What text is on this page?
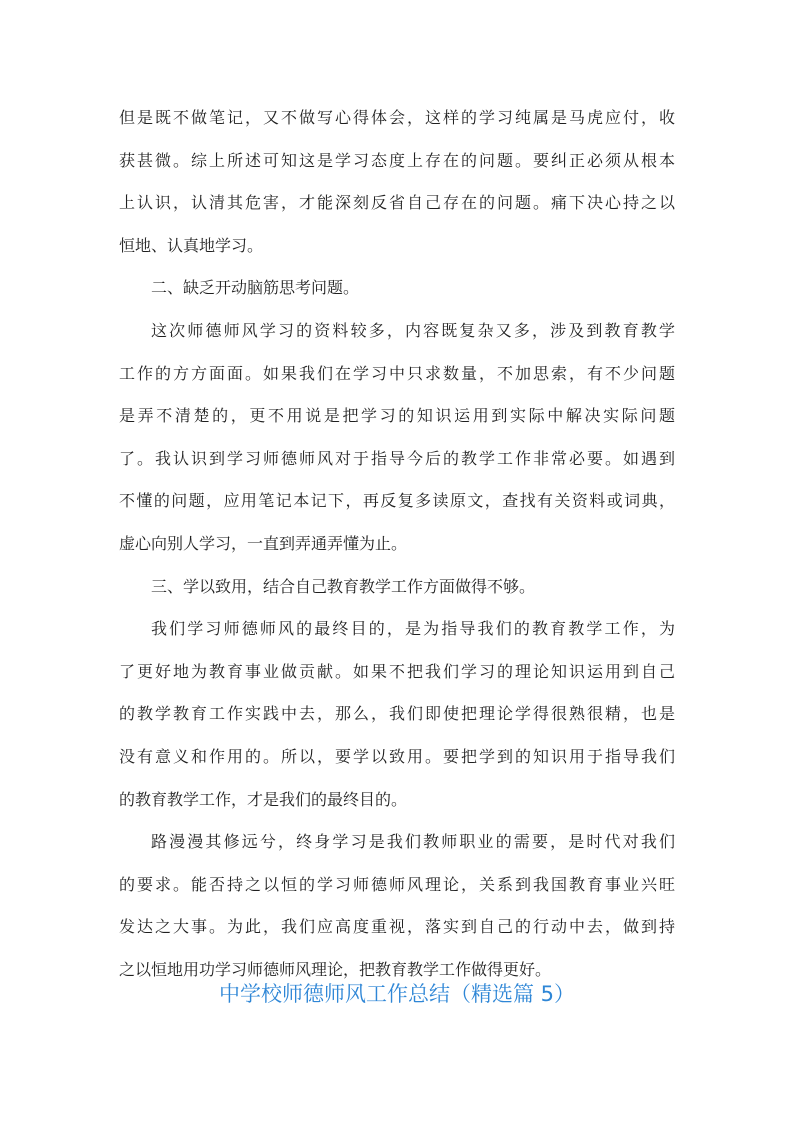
但是既不做笔记，又不做写心得体会，这样的学习纯属是马虎应付，收
获甚微。综上所述可知这是学习态度上存在的问题。要纠正必须从根本
上认识，认清其危害，才能深刻反省自己存在的问题。痛下决心持之以
恒地、认真地学习。
二、缺乏开动脑筋思考问题。
这次师德师风学习的资料较多，内容既复杂又多，涉及到教育教学
工作的方方面面。如果我们在学习中只求数量，不加思索，有不少问题
是弄不清楚的，更不用说是把学习的知识运用到实际中解决实际问题
了。我认识到学习师德师风对于指导今后的教学工作非常必要。如遇到
不懂的问题，应用笔记本记下，再反复多读原文，查找有关资料或词典，
虚心向别人学习，一直到弄通弄懂为止。
三、学以致用，结合自己教育教学工作方面做得不够。
我们学习师德师风的最终目的，是为指导我们的教育教学工作，为
了更好地为教育事业做贡献。如果不把我们学习的理论知识运用到自己
的教学教育工作实践中去，那么，我们即使把理论学得很熟很精，也是
没有意义和作用的。所以，要学以致用。要把学到的知识用于指导我们
的教育教学工作，才是我们的最终目的。
路漫漫其修远兮，终身学习是我们教师职业的需要，是时代对我们
的要求。能否持之以恒的学习师德师风理论，关系到我国教育事业兴旺
发达之大事。为此，我们应高度重视，落实到自己的行动中去，做到持
之以恒地用功学习师德师风理论，把教育教学工作做得更好。
中学校师德师风工作总结（精选篇 5）
